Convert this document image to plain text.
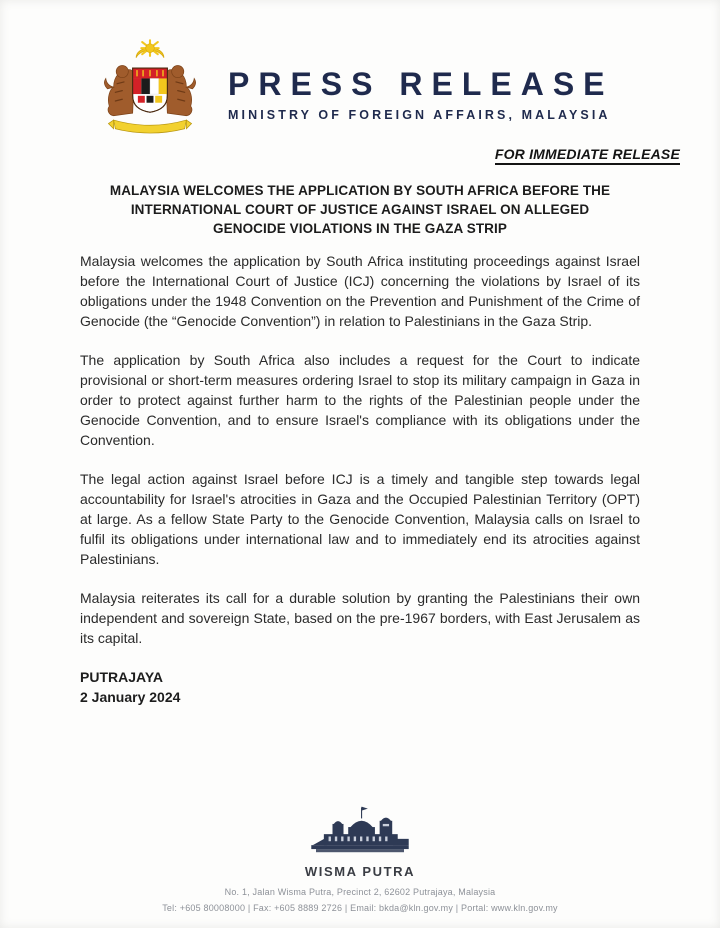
PRESS RELEASE
MINISTRY OF FOREIGN AFFAIRS, MALAYSIA
FOR IMMEDIATE RELEASE
MALAYSIA WELCOMES THE APPLICATION BY SOUTH AFRICA BEFORE THE INTERNATIONAL COURT OF JUSTICE AGAINST ISRAEL ON ALLEGED GENOCIDE VIOLATIONS IN THE GAZA STRIP

Malaysia welcomes the application by South Africa instituting proceedings against Israel before the International Court of Justice (ICJ) concerning the violations by Israel of its obligations under the 1948 Convention on the Prevention and Punishment of the Crime of Genocide (the “Genocide Convention”) in relation to Palestinians in the Gaza Strip.

The application by South Africa also includes a request for the Court to indicate provisional or short-term measures ordering Israel to stop its military campaign in Gaza in order to protect against further harm to the rights of the Palestinian people under the Genocide Convention, and to ensure Israel's compliance with its obligations under the Convention.

The legal action against Israel before ICJ is a timely and tangible step towards legal accountability for Israel's atrocities in Gaza and the Occupied Palestinian Territory (OPT) at large. As a fellow State Party to the Genocide Convention, Malaysia calls on Israel to fulfil its obligations under international law and to immediately end its atrocities against Palestinians.

Malaysia reiterates its call for a durable solution by granting the Palestinians their own independent and sovereign State, based on the pre-1967 borders, with East Jerusalem as its capital.

PUTRAJAYA
2 January 2024
WISMA PUTRA
No. 1, Jalan Wisma Putra, Precinct 2, 62602 Putrajaya, Malaysia
Tel: +605 80008000 | Fax: +605 8889 2726 | Email: bkda@kln.gov.my | Portal: www.kln.gov.my
